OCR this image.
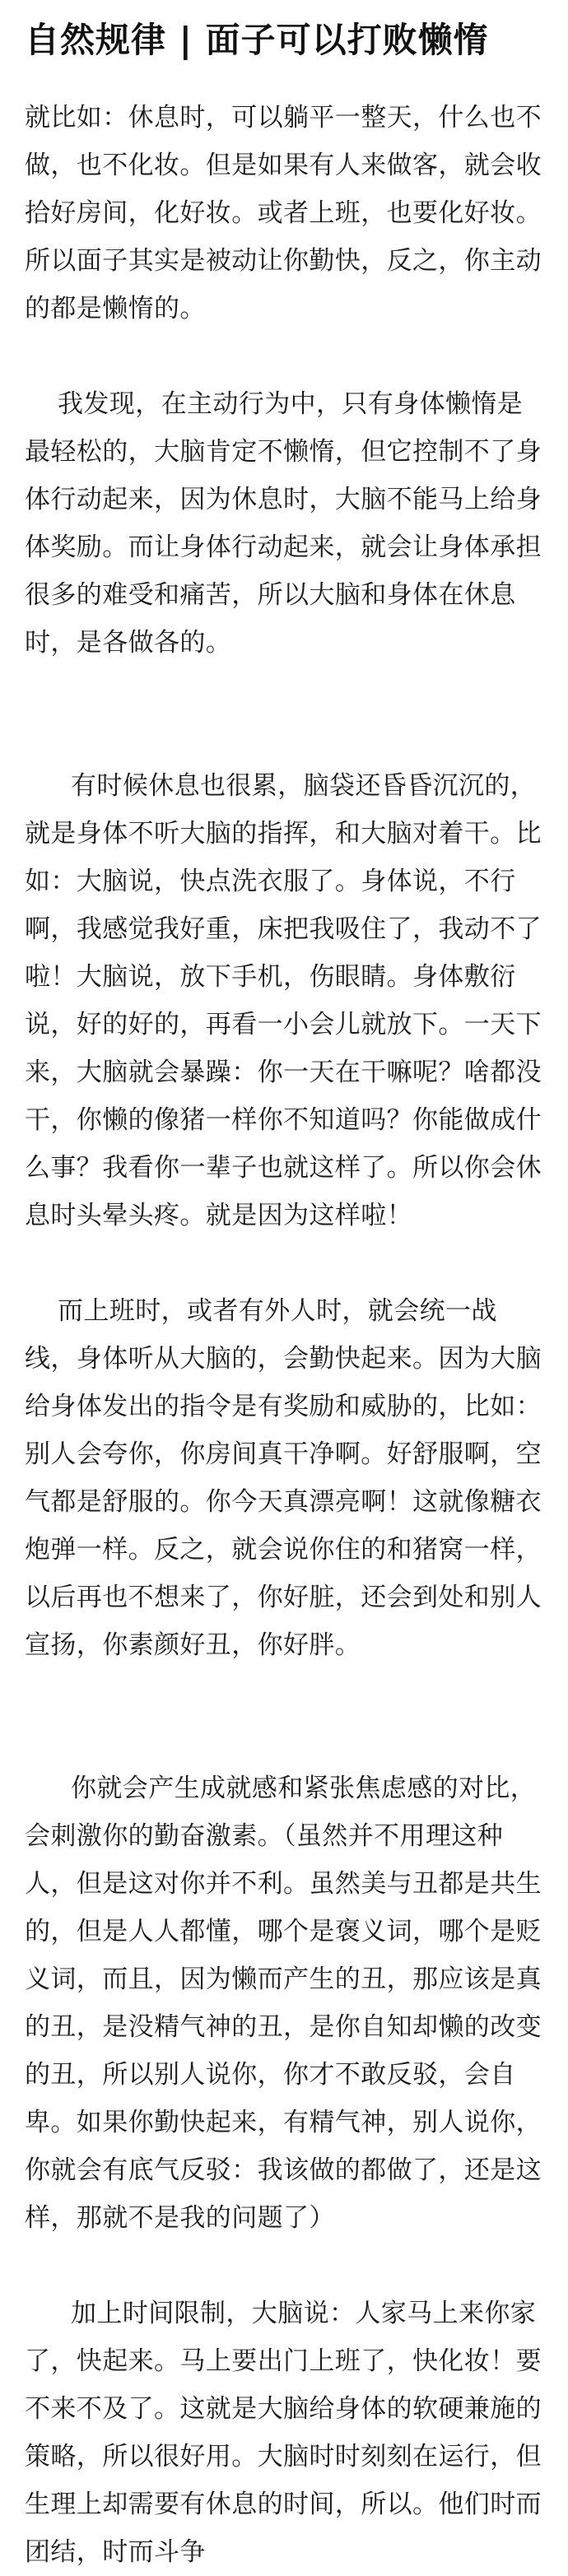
自然规律 | 面子可以打败懒惰

就比如：休息时，可以躺平一整天，什么也不做，也不化妆。但是如果有人来做客，就会收拾好房间，化好妆。或者上班，也要化好妆。所以面子其实是被动让你勤快，反之，你主动的都是懒惰的。

我发现，在主动行为中，只有身体懒惰是最轻松的，大脑肯定不懒惰，但它控制不了身体行动起来，因为休息时，大脑不能马上给身体奖励。而让身体行动起来，就会让身体承担很多的难受和痛苦，所以大脑和身体在休息时，是各做各的。

有时候休息也很累，脑袋还昏昏沉沉的，就是身体不听大脑的指挥，和大脑对着干。比如：大脑说，快点洗衣服了。身体说，不行啊，我感觉我好重，床把我吸住了，我动不了啦！大脑说，放下手机，伤眼睛。身体敷衍说，好的好的，再看一小会儿就放下。一天下来，大脑就会暴躁：你一天在干嘛呢？啥都没干，你懒的像猪一样你不知道吗？你能做成什么事？我看你一辈子也就这样了。所以你会休息时头晕头疼。就是因为这样啦！

而上班时，或者有外人时，就会统一战线，身体听从大脑的，会勤快起来。因为大脑给身体发出的指令是有奖励和威胁的，比如：别人会夸你，你房间真干净啊。好舒服啊，空气都是舒服的。你今天真漂亮啊！这就像糖衣炮弹一样。反之，就会说你住的和猪窝一样，以后再也不想来了，你好脏，还会到处和别人宣扬，你素颜好丑，你好胖。

你就会产生成就感和紧张焦虑感的对比，会刺激你的勤奋激素。（虽然并不用理这种人，但是这对你并不利。虽然美与丑都是共生的，但是人人都懂，哪个是褒义词，哪个是贬义词，而且，因为懒而产生的丑，那应该是真的丑，是没精气神的丑，是你自知却懒的改变的丑，所以别人说你，你才不敢反驳，会自卑。如果你勤快起来，有精气神，别人说你，你就会有底气反驳：我该做的都做了，还是这样，那就不是我的问题了）

加上时间限制，大脑说：人家马上来你家了，快起来。马上要出门上班了，快化妆！要不来不及了。这就是大脑给身体的软硬兼施的策略，所以很好用。大脑时时刻刻在运行，但生理上却需要有休息的时间，所以。他们时而团结，时而斗争
